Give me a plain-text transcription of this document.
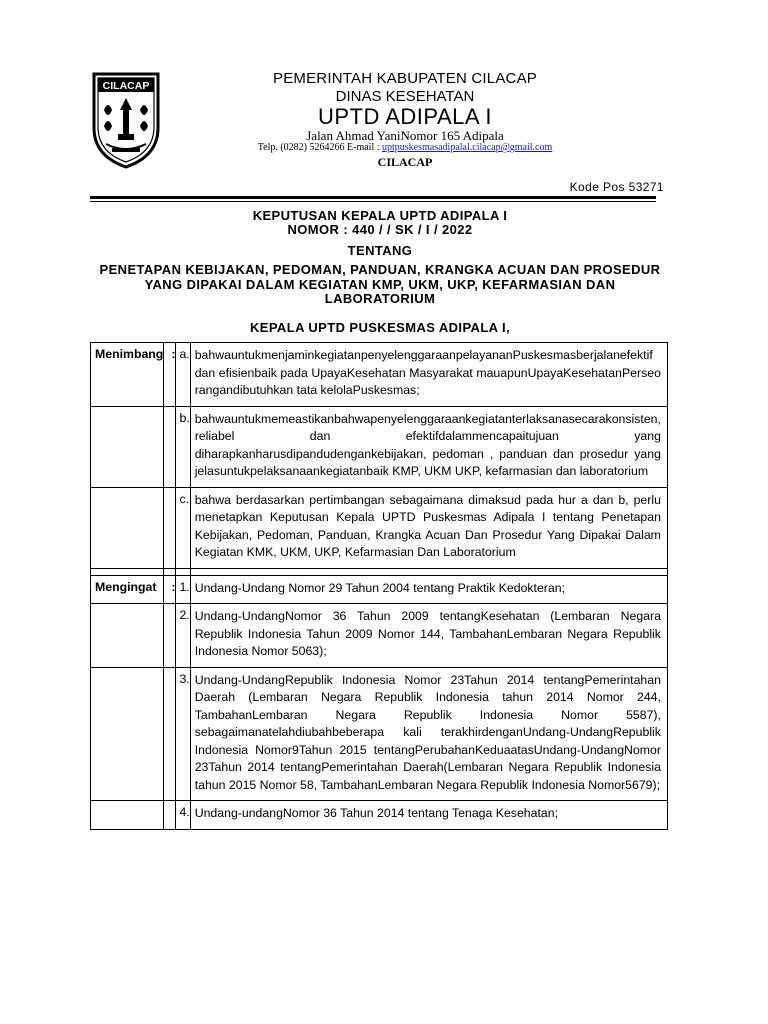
CILACAP	PEMERINTAH KABUPATEN CILACAP
DINAS KESEHATAN
UPTD ADIPALA I
Jalan Ahmad YaniNomor 165 Adipala
Telp. (0282) 5264266 E-mail : uptpuskesmasadipalal.cilacap@gmail.com
CILACAP
Kode Pos 53271
KEPUTUSAN KEPALA UPTD ADIPALA I
NOMOR : 440 / / SK / I / 2022
TENTANG
PENETAPAN KEBIJAKAN, PEDOMAN, PANDUAN, KRANGKA ACUAN DAN PROSEDUR YANG DIPAKAI DALAM KEGIATAN KMP, UKM, UKP, KEFARMASIAN DAN LABORATORIUM
KEPALA UPTD PUSKESMAS ADIPALA I,
Menimbang	:	a.	bahwauntukmenjaminkegiatanpenyelenggaraanpelayananPuskesmasberjalanefektif dan efisienbaik pada UpayaKesehatan Masyarakat mauapunUpayaKesehatanPerseorangandibutuhkan tata kelolaPuskesmas;
		b.	bahwauntukmemeastikanbahwapenyelenggaraankegiatanterlaksanasecarakonsisten, reliabel dan efektifdalammencapaitujuan yang diharapkanharusdipandudengankebijakan, pedoman , panduan dan prosedur yang jelasuntukpelaksanaankegiatanbaik KMP, UKM UKP, kefarmasian dan laboratorium
		c.	bahwa berdasarkan pertimbangan sebagaimana dimaksud pada hur a dan b, perlu menetapkan Keputusan Kepala UPTD Puskesmas Adipala I tentang Penetapan Kebijakan, Pedoman, Panduan, Krangka Acuan Dan Prosedur Yang Dipakai Dalam Kegiatan KMK, UKM, UKP, Kefarmasian Dan Laboratorium

Mengingat	:	1.	Undang-Undang Nomor 29 Tahun 2004 tentang Praktik Kedokteran;
		2.	Undang-UndangNomor 36 Tahun 2009 tentangKesehatan (Lembaran Negara Republik Indonesia Tahun 2009 Nomor 144, TambahanLembaran Negara Republik Indonesia Nomor 5063);
		3.	Undang-UndangRepublik Indonesia Nomor 23Tahun 2014 tentangPemerintahan Daerah (Lembaran Negara Republik Indonesia tahun 2014 Nomor 244, TambahanLembaran Negara Republik Indonesia Nomor 5587), sebagaimanatelahdiubahbeberapa kali terakhirdenganUndang-UndangRepublik Indonesia Nomor9Tahun 2015 tentangPerubahanKeduaatasUndang-UndangNomor 23Tahun 2014 tentangPemerintahan Daerah(Lembaran Negara Republik Indonesia tahun 2015 Nomor 58, TambahanLembaran Negara Republik Indonesia Nomor5679);
		4.	Undang-undangNomor 36 Tahun 2014 tentang Tenaga Kesehatan;
